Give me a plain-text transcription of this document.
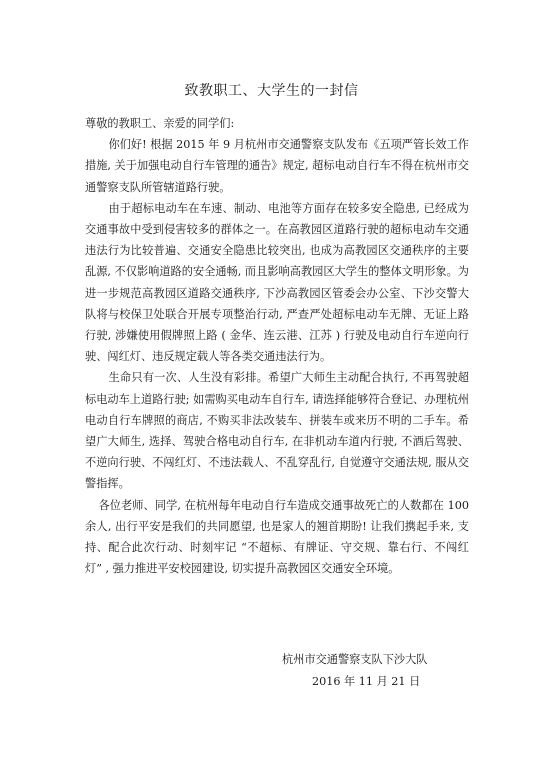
致教职工、大学生的一封信

尊敬的教职工、亲爱的同学们:

你们好! 根据 2015 年 9 月杭州市交通警察支队发布《五项严管长效工作措施, 关于加强电动自行车管理的通告》规定, 超标电动自行车不得在杭州市交通警察支队所管辖道路行驶。

由于超标电动车在车速、制动、电池等方面存在较多安全隐患, 已经成为交通事故中受到侵害较多的群体之一。在高教园区道路行驶的超标电动车交通违法行为比较普遍、交通安全隐患比较突出, 也成为高教园区交通秩序的主要乱源, 不仅影响道路的安全通畅, 而且影响高教园区大学生的整体文明形象。为进一步规范高教园区道路交通秩序, 下沙高教园区管委会办公室、下沙交警大队将与校保卫处联合开展专项整治行动, 严查严处超标电动车无牌、无证上路行驶, 涉嫌使用假牌照上路 ( 金华、连云港、江苏 ) 行驶及电动自行车逆向行驶、闯红灯、违反规定载人等各类交通违法行为。

生命只有一次、人生没有彩排。希望广大师生主动配合执行, 不再驾驶超标电动车上道路行驶; 如需购买电动车自行车, 请选择能够符合登记、办理杭州电动自行车牌照的商店, 不购买非法改装车、拼装车或来历不明的二手车。希望广大师生, 选择、驾驶合格电动自行车, 在非机动车道内行驶, 不酒后驾驶、不逆向行驶、不闯红灯、不违法载人、不乱穿乱行, 自觉遵守交通法规, 服从交警指挥。

各位老师、同学, 在杭州每年电动自行车造成交通事故死亡的人数都在 100 余人, 出行平安是我们的共同愿望, 也是家人的翘首期盼! 让我们携起手来, 支持、配合此次行动、时刻牢记 “不超标、有牌证、守交规、靠右行、不闯红灯” , 强力推进平安校园建设, 切实提升高教园区交通安全环境。

杭州市交通警察支队下沙大队
2016 年 11 月 21 日
